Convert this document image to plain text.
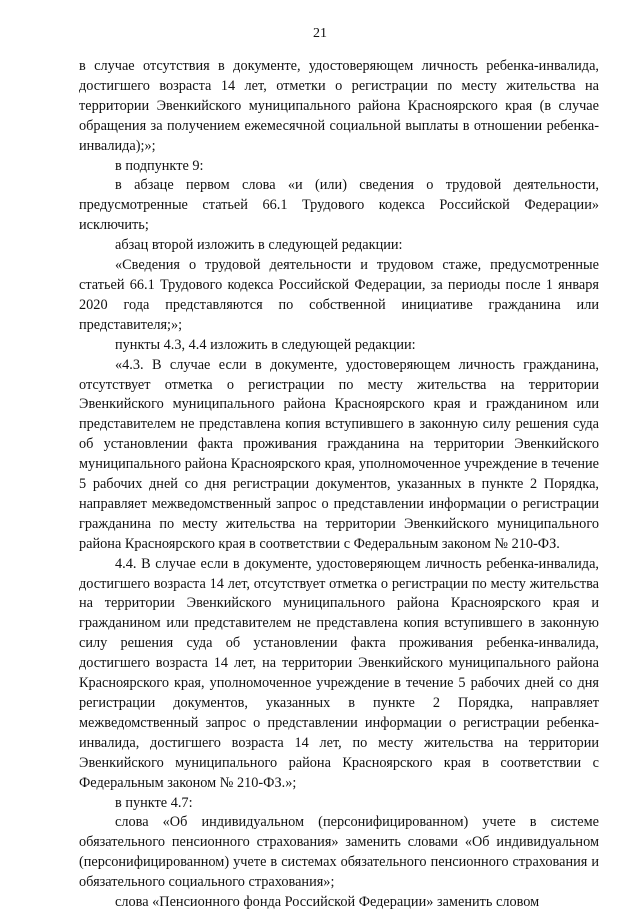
21

в случае отсутствия в документе, удостоверяющем личность ребенка-инвалида, достигшего возраста 14 лет, отметки о регистрации по месту жительства на территории Эвенкийского муниципального района Красноярского края (в случае обращения за получением ежемесячной социальной выплаты в отношении ребенка-инвалида);»;

в подпункте 9:

в абзаце первом слова «и (или) сведения о трудовой деятельности, предусмотренные статьей 66.1 Трудового кодекса Российской Федерации» исключить;

абзац второй изложить в следующей редакции:

«Сведения о трудовой деятельности и трудовом стаже, предусмотренные статьей 66.1 Трудового кодекса Российской Федерации, за периоды после 1 января 2020 года представляются по собственной инициативе гражданина или представителя;»;

пункты 4.3, 4.4 изложить в следующей редакции:

«4.3. В случае если в документе, удостоверяющем личность гражданина, отсутствует отметка о регистрации по месту жительства на территории Эвенкийского муниципального района Красноярского края и гражданином или представителем не представлена копия вступившего в законную силу решения суда об установлении факта проживания гражданина на территории Эвенкийского муниципального района Красноярского края, уполномоченное учреждение в течение 5 рабочих дней со дня регистрации документов, указанных в пункте 2 Порядка, направляет межведомственный запрос о представлении информации о регистрации гражданина по месту жительства на территории Эвенкийского муниципального района Красноярского края в соответствии с Федеральным законом № 210-ФЗ.

4.4. В случае если в документе, удостоверяющем личность ребенка-инвалида, достигшего возраста 14 лет, отсутствует отметка о регистрации по месту жительства на территории Эвенкийского муниципального района Красноярского края и гражданином или представителем не представлена копия вступившего в законную силу решения суда об установлении факта проживания ребенка-инвалида, достигшего возраста 14 лет, на территории Эвенкийского муниципального района Красноярского края, уполномоченное учреждение в течение 5 рабочих дней со дня регистрации документов, указанных в пункте 2 Порядка, направляет межведомственный запрос о представлении информации о регистрации ребенка-инвалида, достигшего возраста 14 лет, по месту жительства на территории Эвенкийского муниципального района Красноярского края в соответствии с Федеральным законом № 210-ФЗ.»;

в пункте 4.7:

слова «Об индивидуальном (персонифицированном) учете в системе обязательного пенсионного страхования» заменить словами «Об индивидуальном (персонифицированном) учете в системах обязательного пенсионного страхования и обязательного социального страхования»;

слова «Пенсионного фонда Российской Федерации» заменить словом
